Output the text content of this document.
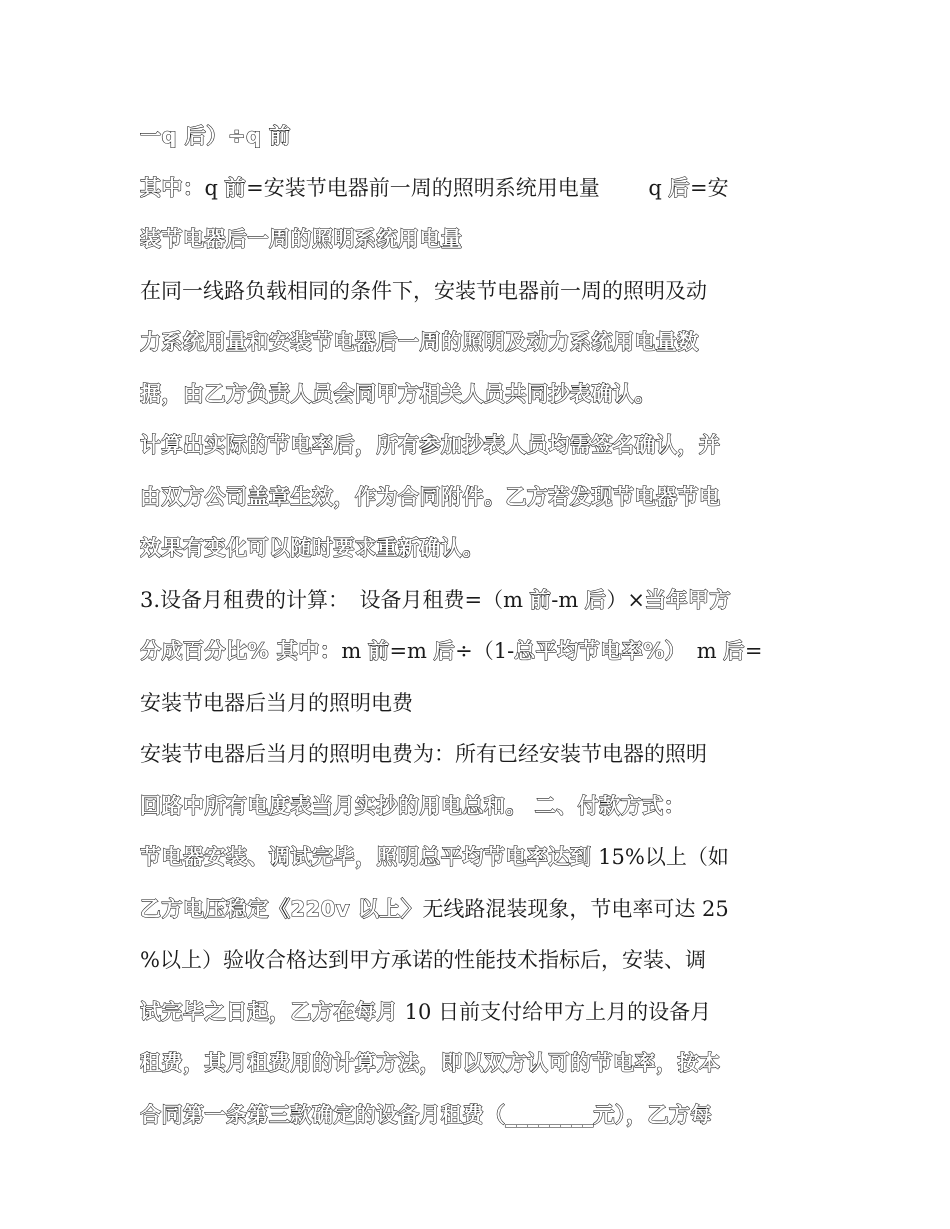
一q 后）÷q 前
其中：q 前=安装节电器前一周的照明系统用电量　　 q 后=安
装节电器后一周的照明系统用电量
在同一线路负载相同的条件下，安装节电器前一周的照明及动
力系统用量和安装节电器后一周的照明及动力系统用电量数
据，由乙方负责人员会同甲方相关人员共同抄表确认。
计算出实际的节电率后，所有参加抄表人员均需签名确认，并
由双方公司盖章生效，作为合同附件。乙方若发现节电器节电
效果有变化可以随时要求重新确认。
3.设备月租费的计算：　设备月租费=（m 前-m 后）×当年甲方
分成百分比% 其中：m 前=m 后÷（1-总平均节电率%）　m 后=
安装节电器后当月的照明电费
安装节电器后当月的照明电费为：所有已经安装节电器的照明
回路中所有电度表当月实抄的用电总和。 二、付款方式：
节电器安装、调试完毕，照明总平均节电率达到 15%以上（如
乙方电压稳定《220v 以上〉无线路混装现象，节电率可达 25
%以上）验收合格达到甲方承诺的性能技术指标后，安装、调
试完毕之日起，乙方在每月 10 日前支付给甲方上月的设备月
租费，其月租费用的计算方法，即以双方认可的节电率，按本
合同第一条第三款确定的设备月租费（________元），乙方每
